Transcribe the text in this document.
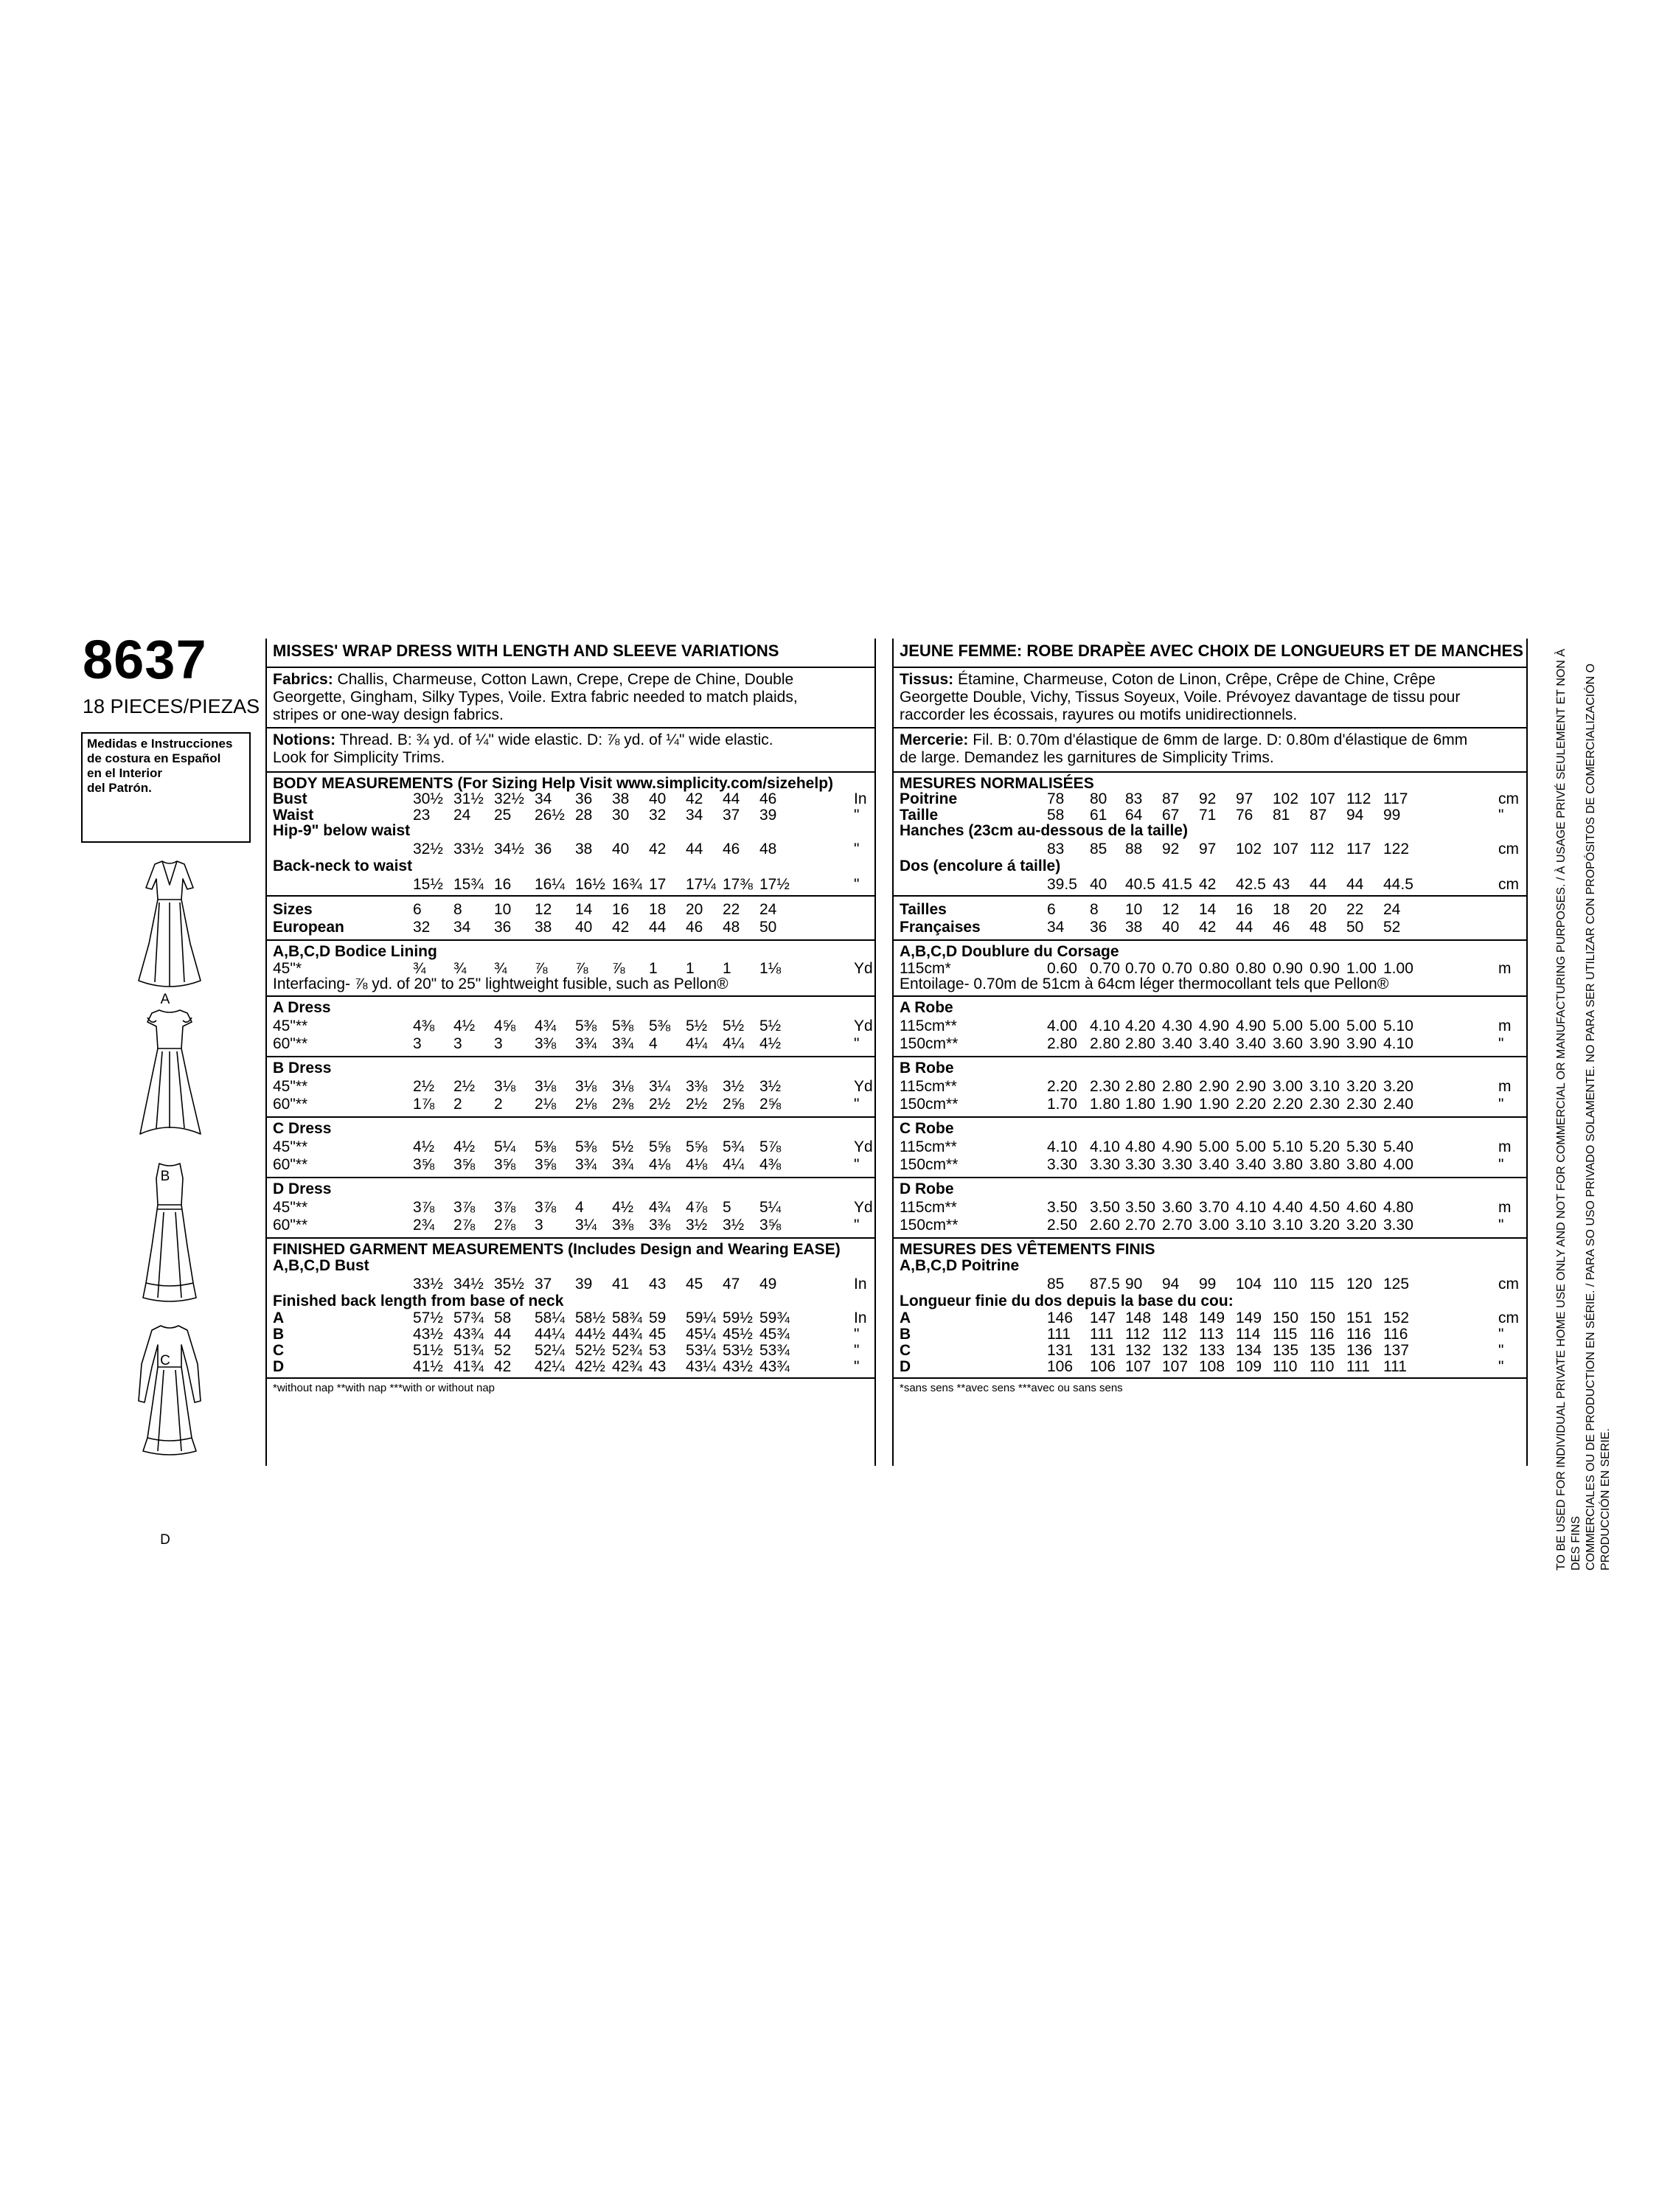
8637
18 PIECES/PIEZAS
Medidas e Instrucciones
de costura en Español
en el Interior
del Patrón.
A
B
C
D
MISSES' WRAP DRESS WITH LENGTH AND SLEEVE VARIATIONS
Fabrics: Challis, Charmeuse, Cotton Lawn, Crepe, Crepe de Chine, Double
Georgette, Gingham, Silky Types, Voile. Extra fabric needed to match plaids,
stripes or one-way design fabrics.
Notions: Thread. B: ¾ yd. of ¼" wide elastic. D: ⅞ yd. of ¼" wide elastic.
Look for Simplicity Trims.
BODY MEASUREMENTS (For Sizing Help Visit www.simplicity.com/sizehelp)
Bust	30½ 31½ 32½ 34 36 38 40 42 44 46	In
Waist	23 24 25 26½ 28 30 32 34 37 39	"
Hip-9" below waist
32½ 33½ 34½ 36 38 40 42 44 46 48	"
Back-neck to waist
15½ 15¾ 16 16¼ 16½ 16¾ 17 17¼ 17⅜ 17½	"
Sizes	6 8 10 12 14 16 18 20 22 24
European	32 34 36 38 40 42 44 46 48 50
A,B,C,D Bodice Lining
45"*	¾ ¾ ¾ ⅞ ⅞ ⅞ 1 1 1 1⅛	Yd
Interfacing- ⅞ yd. of 20" to 25" lightweight fusible, such as Pellon®
A Dress
45"**	4⅜ 4½ 4⅝ 4¾ 5⅜ 5⅜ 5⅜ 5½ 5½ 5½	Yd
60"**	3 3 3 3⅜ 3¾ 3¾ 4 4¼ 4¼ 4½	"
B Dress
45"**	2½ 2½ 3⅛ 3⅛ 3⅛ 3⅛ 3¼ 3⅜ 3½ 3½	Yd
60"**	1⅞ 2 2 2⅛ 2⅛ 2⅜ 2½ 2½ 2⅝ 2⅝	"
C Dress
45"**	4½ 4½ 5¼ 5⅜ 5⅜ 5½ 5⅝ 5⅝ 5¾ 5⅞	Yd
60"**	3⅝ 3⅝ 3⅝ 3⅝ 3¾ 3¾ 4⅛ 4⅛ 4¼ 4⅜	"
D Dress
45"**	3⅞ 3⅞ 3⅞ 3⅞ 4 4½ 4¾ 4⅞ 5 5¼	Yd
60"**	2¾ 2⅞ 2⅞ 3 3¼ 3⅜ 3⅜ 3½ 3½ 3⅝	"
FINISHED GARMENT MEASUREMENTS (Includes Design and Wearing EASE)
A,B,C,D Bust
33½ 34½ 35½ 37 39 41 43 45 47 49	In
Finished back length from base of neck
A	57½ 57¾ 58 58¼ 58½ 58¾ 59 59¼ 59½ 59¾	In
B	43½ 43¾ 44 44¼ 44½ 44¾ 45 45¼ 45½ 45¾	"
C	51½ 51¾ 52 52¼ 52½ 52¾ 53 53¼ 53½ 53¾	"
D	41½ 41¾ 42 42¼ 42½ 42¾ 43 43¼ 43½ 43¾	"
*without nap **with nap ***with or without nap
JEUNE FEMME: ROBE DRAPÈE AVEC CHOIX DE LONGUEURS ET DE MANCHES
Tissus: Étamine, Charmeuse, Coton de Linon, Crêpe, Crêpe de Chine, Crêpe
Georgette Double, Vichy, Tissus Soyeux, Voile. Prévoyez davantage de tissu pour
raccorder les écossais, rayures ou motifs unidirectionnels.
Mercerie: Fil. B: 0.70m d'élastique de 6mm de large. D: 0.80m d'élastique de 6mm
de large. Demandez les garnitures de Simplicity Trims.
MESURES NORMALISÉES
Poitrine	78 80 83 87 92 97 102 107 112 117	cm
Taille	58 61 64 67 71 76 81 87 94 99	"
Hanches (23cm au-dessous de la taille)
83 85 88 92 97 102 107 112 117 122	cm
Dos (encolure á taille)
39.5 40 40.5 41.5 42 42.5 43 44 44 44.5	cm
Tailles	6 8 10 12 14 16 18 20 22 24
Françaises	34 36 38 40 42 44 46 48 50 52
A,B,C,D Doublure du Corsage
115cm*	0.60 0.70 0.70 0.70 0.80 0.80 0.90 0.90 1.00 1.00	m
Entoilage- 0.70m de 51cm à 64cm léger thermocollant tels que Pellon®
A Robe
115cm**	4.00 4.10 4.20 4.30 4.90 4.90 5.00 5.00 5.00 5.10	m
150cm**	2.80 2.80 2.80 3.40 3.40 3.40 3.60 3.90 3.90 4.10	"
B Robe
115cm**	2.20 2.30 2.80 2.80 2.90 2.90 3.00 3.10 3.20 3.20	m
150cm**	1.70 1.80 1.80 1.90 1.90 2.20 2.20 2.30 2.30 2.40	"
C Robe
115cm**	4.10 4.10 4.80 4.90 5.00 5.00 5.10 5.20 5.30 5.40	m
150cm**	3.30 3.30 3.30 3.30 3.40 3.40 3.80 3.80 3.80 4.00	"
D Robe
115cm**	3.50 3.50 3.50 3.60 3.70 4.10 4.40 4.50 4.60 4.80	m
150cm**	2.50 2.60 2.70 2.70 3.00 3.10 3.10 3.20 3.20 3.30	"
MESURES DES VÊTEMENTS FINIS
A,B,C,D Poitrine
85 87.5 90 94 99 104 110 115 120 125	cm
Longueur finie du dos depuis la base du cou:
A	146 147 148 148 149 149 150 150 151 152	cm
B	111 111 112 112 113 114 115 116 116 116	"
C	131 131 132 132 133 134 135 135 136 137	"
D	106 106 107 107 108 109 110 110 111 111	"
*sans sens **avec sens ***avec ou sans sens	TO BE USED FOR INDIVIDUAL PRIVATE HOME USE ONLY AND NOT FOR COMMERCIAL OR MANUFACTURING PURPOSES. / À USAGE PRIVÉ SEULEMENT ET NON À DES FINS COMMERCIALES OU DE PRODUCTION EN SÉRIE. / PARA SO USO PRIVADO SOLAMENTE. NO PARA SER UTILIZAR CON PROPÓSITOS DE COMERCIALIZACIÓN O PRODUCCIÓN EN SERIE.
